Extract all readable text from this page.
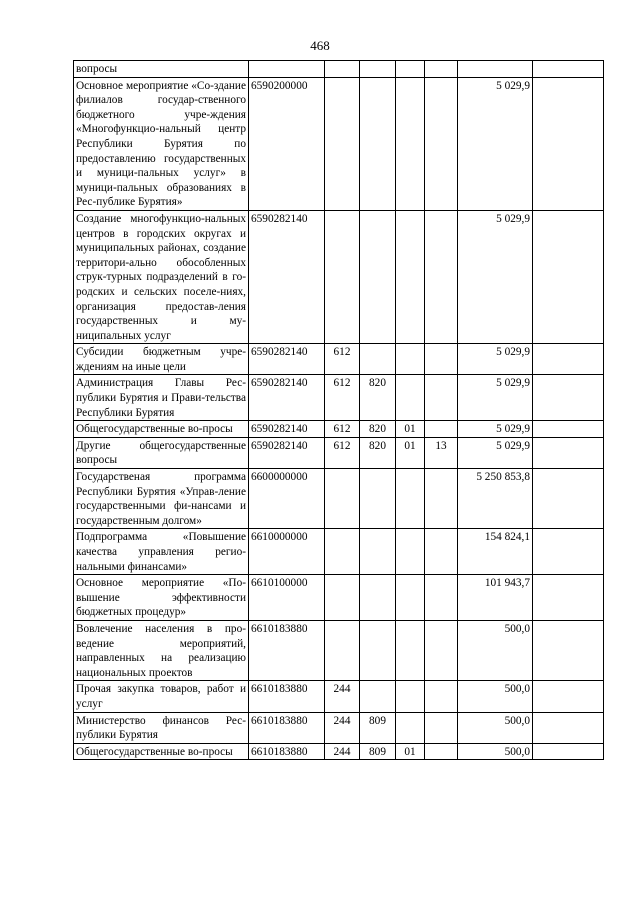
468
вопросы							
Основное мероприятие «Со-здание филиалов государ-ственного бюджетного учре-ждения «Многофункцио-нальный центр Республики Бурятия по предоставлению государственных и муници-пальных услуг» в муници-пальных образованиях в Рес-публике Бурятия»	6590200000					5 029,9	
Создание многофункцио-нальных центров в городских округах и муниципальных районах, создание территори-ально обособленных струк-турных подразделений в го-родских и сельских поселе-ниях, организация предостав-ления государственных и му-ниципальных услуг	6590282140					5 029,9	
Субсидии бюджетным учре-ждениям на иные цели	6590282140	612				5 029,9	
Администрация Главы Рес-публики Бурятия и Прави-тельства Республики Бурятия	6590282140	612	820			5 029,9	
Общегосударственные во-просы	6590282140	612	820	01		5 029,9	
Другие общегосударственные вопросы	6590282140	612	820	01	13	5 029,9	
Государственая программа Республики Бурятия «Управ-ление государственными фи-нансами и государственным долгом»	6600000000					5 250 853,8	
Подпрограмма «Повышение качества управления регио-нальными финансами»	6610000000					154 824,1	
Основное мероприятие «По-вышение эффективности бюджетных процедур»	6610100000					101 943,7	
Вовлечение населения в про-ведение мероприятий, направленных на реализацию национальных проектов	6610183880					500,0	
Прочая закупка товаров, работ и услуг	6610183880	244				500,0	
Министерство финансов Рес-публики Бурятия	6610183880	244	809			500,0	
Общегосударственные во-просы	6610183880	244	809	01		500,0	
